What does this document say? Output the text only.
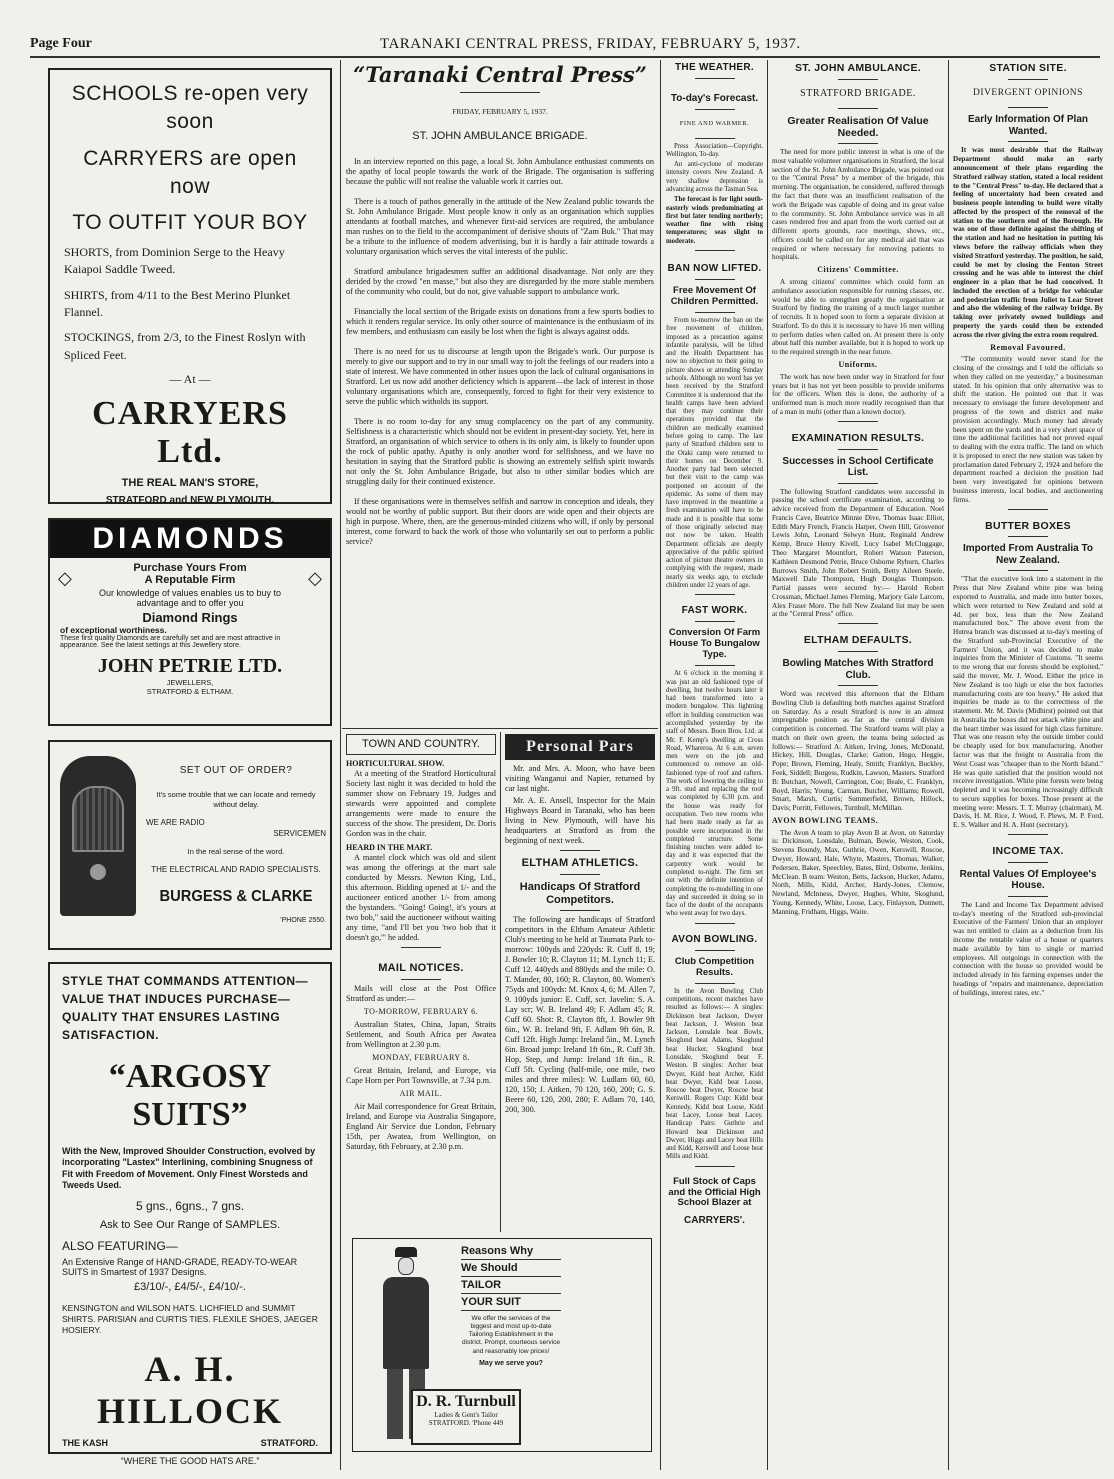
Page Four	TARANAKI CENTRAL PRESS, FRIDAY, FEBRUARY 5, 1937.
SCHOOLS re-open very soon
CARRYERS are open now
TO OUTFIT YOUR BOY
SHORTS, from Dominion Serge to the Heavy Kaiapoi Saddle Tweed.
SHIRTS, from 4/11 to the Best Merino Plunket Flannel.
STOCKINGS, from 2/3, to the Finest Roslyn with Spliced Feet.
— At —
CARRYERS Ltd.
THE REAL MAN'S STORE,
STRATFORD and NEW PLYMOUTH.
DIAMONDS
◇	◇
Purchase Yours From
A Reputable Firm
Our knowledge of values enables us to buy to advantage and to offer you
Diamond Rings
of exceptional worthiness.
These first quality Diamonds are carefully set and are most attractive in appearance. See the latest settings at this Jewellery store.
JOHN PETRIE LTD.
JEWELLERS,
STRATFORD & ELTHAM.
SET OUT OF ORDER?
It's some trouble that we can locate and remedy without delay.
WE ARE RADIO
SERVICEMEN
In the real sense of the word.
THE ELECTRICAL AND RADIO SPECIALISTS.
BURGESS & CLARKE
'PHONE 2550.
STYLE THAT COMMANDS ATTENTION—
VALUE THAT INDUCES PURCHASE—
QUALITY THAT ENSURES LASTING SATISFACTION.
“ARGOSY SUITS”
With the New, Improved Shoulder Construction, evolved by incorporating "Lastex" Interlining, combining Snugness of Fit with Freedom of Movement. Only Finest Worsteds and Tweeds Used.
5 gns., 6gns., 7 gns.
Ask to See Our Range of SAMPLES.
ALSO FEATURING—
An Extensive Range of HAND-GRADE, READY-TO-WEAR SUITS in Smartest of 1937 Designs.
£3/10/-, £4/5/-, £4/10/-.
KENSINGTON and WILSON HATS. LICHFIELD and SUMMIT SHIRTS. PARISIAN and CURTIS TIES. FLEXILE SHOES, JAEGER HOSIERY.
A. H. HILLOCK
THE KASH	STRATFORD.
“WHERE THE GOOD HATS ARE.”
“Taranaki Central Press”
FRIDAY, FEBRUARY 5, 1937.
ST. JOHN AMBULANCE BRIGADE.

In an interview reported on this page, a local St. John Ambulance enthusiast comments on the apathy of local people towards the work of the Brigade. The organisation is suffering because the public will not realise the valuable work it carries out.

There is a touch of pathos generally in the attitude of the New Zealand public towards the St. John Ambulance Brigade. Most people know it only as an organisation which supplies attendants at football matches, and whenever first-aid services are required, the ambulance man rushes on to the field to the accompaniment of derisive shouts of "Zam Buk." That may be a tribute to the influence of modern advertising, but it is hardly a fair attitude towards a voluntary organisation which serves the vital interests of the public.

Stratford ambulance brigadesmen suffer an additional disadvantage. Not only are they derided by the crowd "en masse," but also they are disregarded by the more stable members of the community who could, but do not, give valuable support to ambulance work.

Financially the local section of the Brigade exists on donations from a few sports bodies to which it renders regular service. Its only other source of maintenance is the enthusiasm of its few members, and enthusiasm can easily be lost when the fight is always against odds.

There is no need for us to discourse at length upon the Brigade's work. Our purpose is merely to give our support and to try in our small way to jolt the feelings of our readers into a state of interest. We have commented in other issues upon the lack of cultural organisations in Stratford. Let us now add another deficiency which is apparent—the lack of interest in those voluntary organisations which are, consequently, forced to fight for their very existence to serve the public which witholds its support.

There is no room to-day for any smug complacency on the part of any community. Selfishness is a characteristic which should not be evident in present-day society. Yet, here in Stratford, an organisation of which service to others is its only aim, is likely to founder upon the rock of public apathy. Apathy is only another word for selfishness, and we have no hesitation in saying that the Stratford public is showing an extremely selfish spirit towards not only the St. John Ambulance Brigade, but also to other similar bodies which are struggling daily for their continued existence.

If these organisations were in themselves selfish and narrow in conception and ideals, they would not be worthy of public support. But their doors are wide open and their objects are high in purpose. Where, then, are the generous-minded citizens who will, if only by personal interest, come forward to back the work of those who voluntarily set out to perform a public service?

TOWN AND COUNTRY.
HORTICULTURAL SHOW.

At a meeting of the Stratford Horticultural Society last night it was decided to hold the summer show on February 19. Judges and stewards were appointed and complete arrangements were made to ensure the success of the show. The president, Dr. Doris Gordon was in the chair.

HEARD IN THE MART.

A mantel clock which was old and silent was among the offerings at the mart sale conducted by Messrs. Newton King, Ltd., this afternoon. Bidding opened at 1/- and the auctioneer enticed another 1/- from among the bystanders. "Going! Going!, it's yours at two bob," said the auctioneer without waiting any time, "and I'll bet you 'two bob that it doesn't go,'" he added.

MAIL NOTICES.

Mails will close at the Post Office Stratford as under:—

TO-MORROW, FEBRUARY 6.

Australian States, China, Japan, Straits Settlement, and South Africa per Awatea from Wellington at 2.30 p.m.

MONDAY, FEBRUARY 8.

Great Britain, Ireland, and Europe, via Cape Horn per Port Townsville, at 7.34 p.m.

AIR MAIL.

Air Mail correspondence for Great Britain, Ireland, and Europe via Australia Singapore, England Air Service due London, February 15th, per Awatea, from Wellington, on Saturday, 6th February, at 2.30 p.m.

Personal Pars

Mr. and Mrs. A. Moon, who have been visiting Wanganui and Napier, returned by car last night.

Mr. A. E. Ansell, Inspector for the Main Highways Board in Taranaki, who has been living in New Plymouth, will have his headquarters at Stratford as from the beginning of next week.

ELTHAM ATHLETICS.
Handicaps Of Stratford Competitors.

The following are handicaps of Stratford competitors in the Eltham Amateur Athletic Club's meeting to be held at Taumata Park to-morrow: 100yds and 220yds: R. Cuff 8, 19; J. Bowler 10; R. Clayton 11; M. Lynch 11; E. Cuff 12. 440yds and 880yds and the mile: O. T. Mander, 80, 160; R. Clayton, 80. Women's 75yds and 100yds: M. Knox 4, 6; M. Allen 7, 9. 100yds junior: E. Cuff, scr. Javelin: S. A. Lay scr; W. B. Ireland 49; F. Adlam 45; R. Cuff 60. Shot: R. Clayton 8ft, J. Bowler 9ft 6in., W. B. Ireland 9ft, F. Adlam 9ft 6in, R. Cuff 12ft. High Jump: Ireland 5in., M. Lynch 6in. Broad jump: Ireland 1ft 6in., R. Cuff 3ft. Hop, Step, and Jump: Ireland 1ft 6in., R. Cuff 5ft. Cycling (half-mile, one mile, two miles and three miles): W. Ludlam 60, 60, 120, 150; J. Aitken, 70 120, 160, 200; G. S. Beere 60, 120, 200, 280; F. Adlam 70, 140, 200, 300.

Reasons Why
We Should
TAILOR
YOUR SUIT
We offer the services of the biggest and most up-to-date Tailoring Establishment in the district. Prompt, courteous service and reasonably low prices!
May we serve you?
D. R. Turnbull
Ladies & Gent's Tailor
STRATFORD. 'Phone 449
THE WEATHER.
To-day's Forecast.
FINE AND WARMER.

Press Association—Copyright. Wellington, To-day.

An anti-cyclone of moderate intensity covers New Zealand. A very shallow depression is advancing across the Tasman Sea.

The forecast is for light south-easterly winds predominating at first but later tending northerly; weather fine with rising temperatures; seas slight to moderate.

BAN NOW LIFTED.
Free Movement Of Children Permitted.

From to-morrow the ban on the free movement of children, imposed as a precaution against infantile paralysis, will be lifted and the Health Department has now no objection to their going to picture shows or attending Sunday schools. Although no word has yet been received by the Stratford Committee it is understood that the health camps have been advised that they may continue their operations provided that the children are medically examined before going to camp. The last party of Stratford children sent to the Otaki camp were returned to their homes on December 9. Another party had been selected but their visit to the camp was postponed on account of the epidemic. As some of them may have improved in the meantime a fresh examination will have to be made and it is possible that some of those originally selected may not now be taken. Health Department officials are deeply appreciative of the public spirited action of picture theatre owners in complying with the request, made nearly six weeks ago, to exclude children under 12 years of age.

FAST WORK.
Conversion Of Farm House To Bungalow Type.

At 6 o'clock in the morning it was just an old fashioned type of dwelling, but twelve hours later it had been transformed into a modern bungalow. This lightning effort in building construction was accomplished yesterday by the staff of Messrs. Boon Bros. Ltd. at Mr. F. Kemp's dwelling at Cross Road, Whareroa. At 6 a.m. seven men were on the job and commenced to remove an old-fashioned type of roof and rafters. The work of lowering the ceiling to a 9ft. stud and replacing the roof was completed by 6.30 p.m. and the house was ready for occupation. Two new rooms who had been made ready as far as possible were incorporated in the completed structure. Some finishing touches were added to-day and it was expected that the carpentry work would be completed to-night. The firm set out with the definite intention of completing the re-modelling in one day and succeeded in doing so in face of the doubt of the occupants who went away for two days.

AVON BOWLING.
Club Competition Results.

In the Avon Bowling Club competitions, recent matches have resulted as follows:— A singles: Dickinson beat Jackson, Dwyer beat Jackson, J. Weston beat Jackson, Lonsdale beat Bowls, Skoglund beat Adams, Skoglund beat Hucker, Skoglund beat Lonsdale, Skoglund beat F. Weston. B singles: Archer beat Dwyer, Kidd beat Archer, Kidd beat Dwyer, Kidd beat Loose, Roscoe beat Dwyer, Roscoe beat Kerswill. Rogers Cup: Kidd beat Kennedy, Kidd beat Loose, Kidd beat Lacey, Loose beat Lacey. Handicap Pairs: Guthrie and Howard beat Dickinson and Dwyer, Higgs and Lacey beat Hills and Kidd, Kerswill and Loose beat Mills and Kidd.

Full Stock of Caps and the Official High School Blazer at
CARRYERS'.
ST. JOHN AMBULANCE.
STRATFORD BRIGADE.
Greater Realisation Of Value Needed.

The need for more public interest in what is one of the most valuable volunteer organisations in Stratford, the local section of the St. John Ambulance Brigade, was pointed out to the "Central Press" by a member of the brigade, this morning. The organisation, he considered, suffered through the fact that there was an insufficient realisation of the work the Brigade was capable of doing and its great value to the community. St. John Ambulance service was in all cases rendered free and apart from the work carried out at different sports grounds, race meetings, shows, etc., officers could be called on for any medical aid that was required or where necessary for removing patients to hospitals.

Citizens' Committee.

A strong citizens' committee which could form an ambulance association responsible for running classes, etc. would be able to strengthen greatly the organisation at Stratford by finding the training of a much larger number of recruits. It is hoped soon to form a separate division at Stratford. To do this it is necessary to have 16 men willing to perform duties when called on. At present there is only about half this number available, but it is hoped to work up to the required strength in the near future.

Uniforms.

The work has now been under way in Stratford for four years but it has not yet been possible to provide uniforms for the officers. When this is done, the authority of a uniformed man is much more readily recognised than that of a man in mufti (other than a known doctor).

EXAMINATION RESULTS.
Successes in School Certificate List.

The following Stratford candidates were successful in passing the school certificate examination, according to advice received from the Department of Education. Noel Francis Cave, Beatrice Minnie Dive, Thomas Isaac Elliot, Edith Mary French, Francis Harper, Owen Hill, Grosvenor Lewis John, Leonard Selwyn Hunt, Reginald Andrew Kemp, Bruce Henry Kivell, Lucy Isabel McCluggage, Theo Margaret Mountfort, Robert Watson Paterson, Kathleen Desmond Petrie, Bruce Osborne Ryburn, Charles Burrows Smith, John Robert Smith, Betty Aileen Steele, Maxwell Dale Thompson, Hugh Douglas Thompson. Partial passes were secured by:— Harold Robert Crossman, Michael James Fleming, Marjory Gale Larcom, Alex Fraser More. The full New Zealand list may be seen at the "Central Press" office.

ELTHAM DEFAULTS.
Bowling Matches With Stratford Club.

Word was received this afternoon that the Eltham Bowling Club is defaulting both matches against Stratford on Saturday. As a result Stratford is now in an almost impregnable position as far as the central division competition is concerned. The Stratford teams will play a match on their own green, the teams being selected as follows:— Stratford A: Aitken, Irving, Jones, McDonald, Hickey, Hill, Douglas, Clarke; Gatton, Hugo, Heggie, Pope; Brown, Fleming, Healy, Smith; Franklyn, Buckley, Feek, Siddell; Burgess, Rudkin, Lawson, Masters. Stratford B: Butchart, Nowell, Carrington, Coe; Beale, C. Franklyn, Boyd, Harris; Young, Carman, Butcher, Williams; Rowell, Smart, Marsh, Curtis; Summerfield, Brown, Hillock, Davis; Porritt, Fellowes, Turnbull, McMillan.

AVON BOWLING TEAMS.

The Avon A team to play Avon B at Avon, on Saturday is: Dickinson, Lonsdale, Bulman, Bowie, Weston, Cook, Stevens Boundy, Max, Guthrie, Owen, Kerswill, Roscoe, Dwyer, Howard, Hale, Whyte, Masters, Thomas, Walker, Pedersen, Baker, Speechley, Bates, Bird, Osborne, Jenkins, McClean. B team: Weston, Betts, Jackson, Hucker, Adams, North, Mills, Kidd, Archer, Hardy-Jones, Clemow, Newland, McInness, Dwyer, Hughes, White, Skoglund, Young, Kennedy, White, Loose, Lacy, Finlayson, Dunnett, Manning, Fridham, Higgs, Waite.

STATION SITE.
DIVERGENT OPINIONS
Early Information Of Plan Wanted.

It was most desirable that the Railway Department should make an early announcement of their plans regarding the Stratford railway station, stated a local resident to the "Central Press" to-day. He declared that a feeling of uncertainty had been created and business people intending to build were vitally affected by the prospect of the removal of the station to the southern end of the Borough. He was one of those definite against the shifting of the station and had no hesitation in putting his views before the railway officials when they visited Stratford yesterday. The position, he said, could be met by closing the Fenton Street crossing and he was able to interest the chief engineer in a plan that he had conceived. It included the erection of a bridge for vehicular and pedestrian traffic from Juliet to Lear Street and also the widening of the railway bridge. By taking over privately owned buildings and property the yards could then be extended across the river giving the extra room required.

Removal Favoured.

"The community would never stand for the closing of the crossings and I told the officials so when they called on me yesterday," a businessman stated. In his opinion that only alternative was to shift the station. He pointed out that it was necessary to envisage the future development and progress of the town and district and make provision accordingly. Much money had already been spent on the yards and in a very short space of time the additional facilities had not proved equal to dealing with the extra traffic. The land on which it is proposed to erect the new station was taken by proclamation dated February 2, 1924 and before the department reached a decision the position had been very investigated for opinions between business interests, local bodies, and auctioneering firms.

BUTTER BOXES
Imported From Australia To New Zealand.

"That the executive look into a statement in the Press that New Zealand white pine was being exported to Australia, and made into butter boxes, which were returned to New Zealand and sold at 4d. per box, less than the New Zealand manufactured box." The above event from the Hutrea branch was discussed at to-day's meeting of the Stratford sub-Provincial Executive of the Farmers' Union, and it was decided to make inquiries from the Minister of Customs. "It seems to me wrong that our forests should be exploited," said the mover, Mr. J. Wood. Either the price in New Zealand is too high or else the box factories manufacturing costs are too heavy." He asked that inquiries be made as to the correctness of the statement. Mr. M. Davis (Midhirst) pointed out that in Australia the boxes did not attack white pine and the heart timber was issued for high class furniture. That was one reason why the outside timber could be cheaply used for box manufacturing. Another factor was that the freight to Australia from the West Coast was "cheaper than to the North Island." He was quite satisfied that the position would not receive investigation. White pine forests were being depleted and it was becoming increasingly difficult to secure supplies for boxes. Those present at the meeting were: Messrs. T. T. Murray (chairman), M. Davis, H. M. Rice, J. Wood, F. Plews, M. P. Ford, E. S. Walker and H. A. Hunt (secretary).

INCOME TAX.
Rental Values Of Employee's House.

The Land and Income Tax Department advised to-day's meeting of the Stratford sub-provincial Executive of the Farmers' Union that an employer was not entitled to claim as a deduction from his income the rentable value of a house or quarters made available by him to single or married employees. All outgoings in connection with the connection with the house so provided would be included already in his farming expenses under the headings of "repairs and maintenance, depreciation of buildings, interest rates, etc."
